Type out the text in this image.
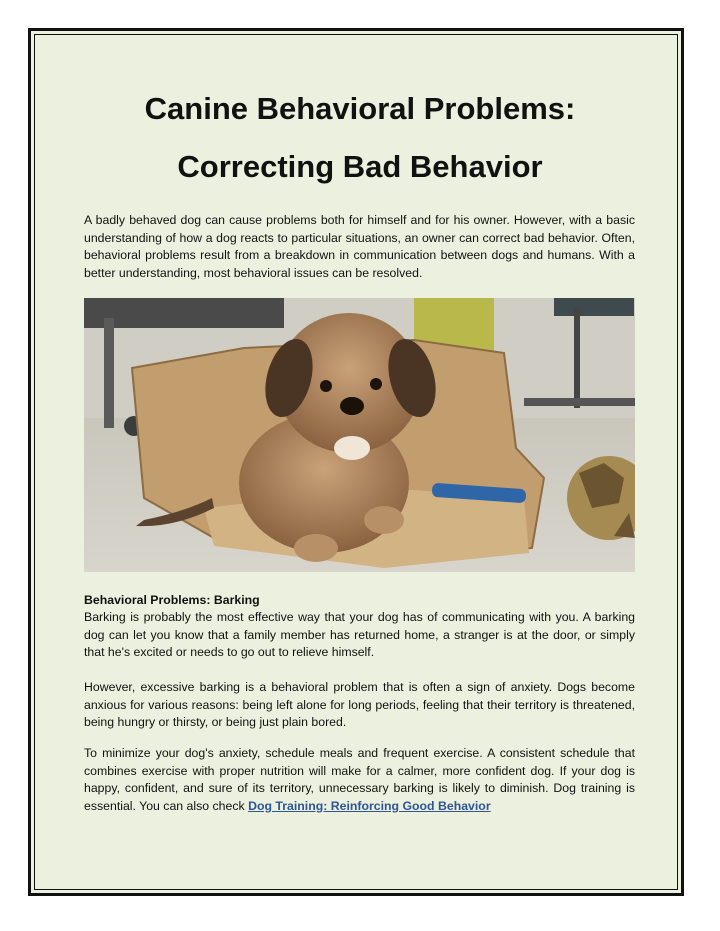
Canine Behavioral Problems:
Correcting Bad Behavior

A badly behaved dog can cause problems both for himself and for his owner. However, with a basic understanding of how a dog reacts to particular situations, an owner can correct bad behavior. Often, behavioral problems result from a breakdown in communication between dogs and humans. With a better understanding, most behavioral issues can be resolved.

Behavioral Problems: Barking

Barking is probably the most effective way that your dog has of communicating with you. A barking dog can let you know that a family member has returned home, a stranger is at the door, or simply that he's excited or needs to go out to relieve himself.

However, excessive barking is a behavioral problem that is often a sign of anxiety. Dogs become anxious for various reasons: being left alone for long periods, feeling that their territory is threatened, being hungry or thirsty, or being just plain bored.

To minimize your dog's anxiety, schedule meals and frequent exercise. A consistent schedule that combines exercise with proper nutrition will make for a calmer, more confident dog. If your dog is happy, confident, and sure of its territory, unnecessary barking is likely to diminish. Dog training is essential. You can also check Dog Training: Reinforcing Good Behavior
